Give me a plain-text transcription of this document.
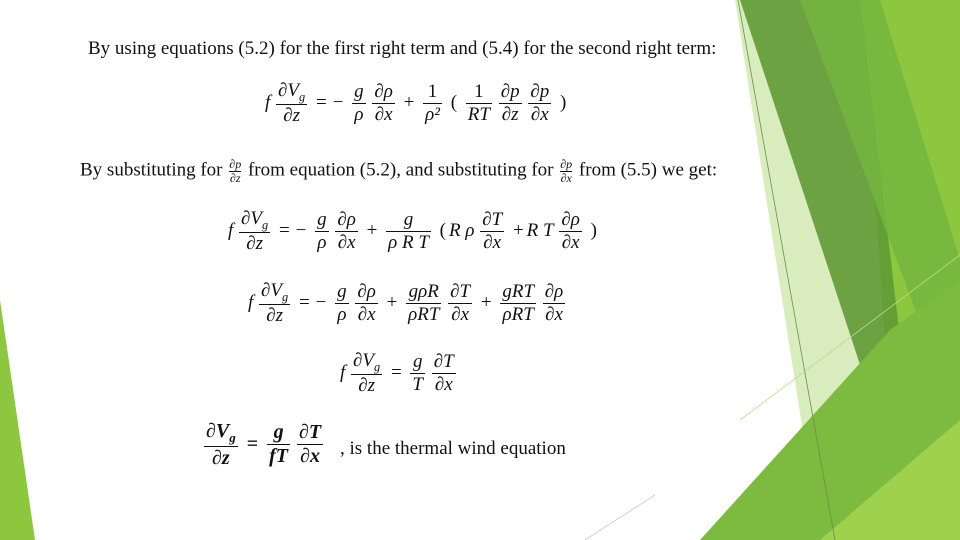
By using equations (5.2) for the first right term and (5.4) for the second right term:
f $\frac{\partial V_g}{\partial z}$ = − $\frac{g}{\rho}$
$\frac{\partial\rho}{\partial x} + \frac{1}{\text{ρ²}}$ ( $\frac{1}{RT}$
$\frac{\partial p}{\partial z}$
$\frac{\partial p}{\partial x}$ )
By substituting for $\frac{\partial p}{\partial z}$ from equation (5.2), and substituting for $\frac{\partial p}{\partial x}$ from (5.5) we get:
f $\frac{\partial V_g}{\partial z}$ = − $\frac{g}{\rho}$
$\frac{\partial\rho}{\partial x} + \frac{g}{\text{ρ R T}}$ ( R ρ $\frac{\partial T}{\partial x} + R$ T $\frac{\partial\rho}{\partial x}$ )
f $\frac{\partial V_g}{\partial z}$ = − $\frac{g}{\rho}$
$\frac{\partial\rho}{\partial x} + \frac{\text{gρR}}{\text{ρRT}}$
$\frac{\partial T}{\partial x} + \frac{\text{gRT}}{\text{ρRT}}$
$\frac{\partial\rho}{\partial x}$
f $\frac{\partial V_g}{\partial z} = \frac{g}{T}$
$\frac{\partial T}{\partial x}$
$\frac{\partial V_g}{\partial z} = \frac{g}{fT}$
$\frac{\partial T}{\partial x}$ , is the thermal wind equation
